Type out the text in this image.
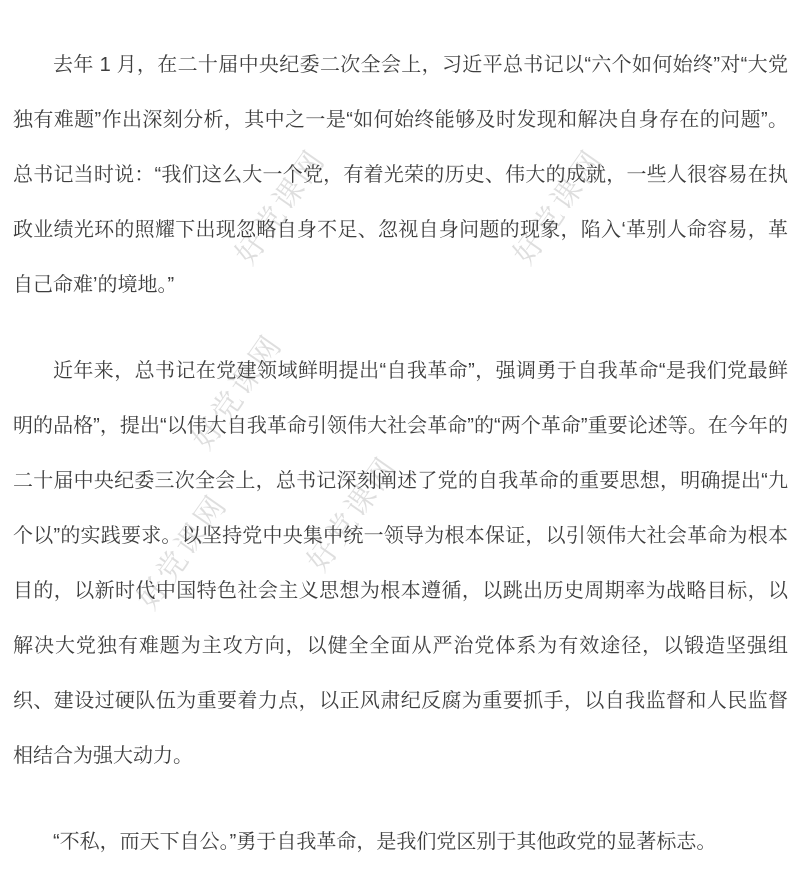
好党课网	好党课网
好党课网
好党课网 好党课网

去年 1 月，在二十届中央纪委二次全会上，习近平总书记以“六个如何始终”对“大党独有难题”作出深刻分析，其中之一是“如何始终能够及时发现和解决自身存在的问题”。总书记当时说：“我们这么大一个党，有着光荣的历史、伟大的成就，一些人很容易在执政业绩光环的照耀下出现忽略自身不足、忽视自身问题的现象，陷入‘革别人命容易，革自己命难’的境地。”

近年来，总书记在党建领域鲜明提出“自我革命”，强调勇于自我革命“是我们党最鲜明的品格”，提出“以伟大自我革命引领伟大社会革命”的“两个革命”重要论述等。在今年的二十届中央纪委三次全会上，总书记深刻阐述了党的自我革命的重要思想，明确提出“九个以”的实践要求。以坚持党中央集中统一领导为根本保证，以引领伟大社会革命为根本目的，以新时代中国特色社会主义思想为根本遵循，以跳出历史周期率为战略目标，以解决大党独有难题为主攻方向，以健全全面从严治党体系为有效途径，以锻造坚强组织、建设过硬队伍为重要着力点，以正风肃纪反腐为重要抓手，以自我监督和人民监督相结合为强大动力。

“不私，而天下自公。”勇于自我革命，是我们党区别于其他政党的显著标志。
